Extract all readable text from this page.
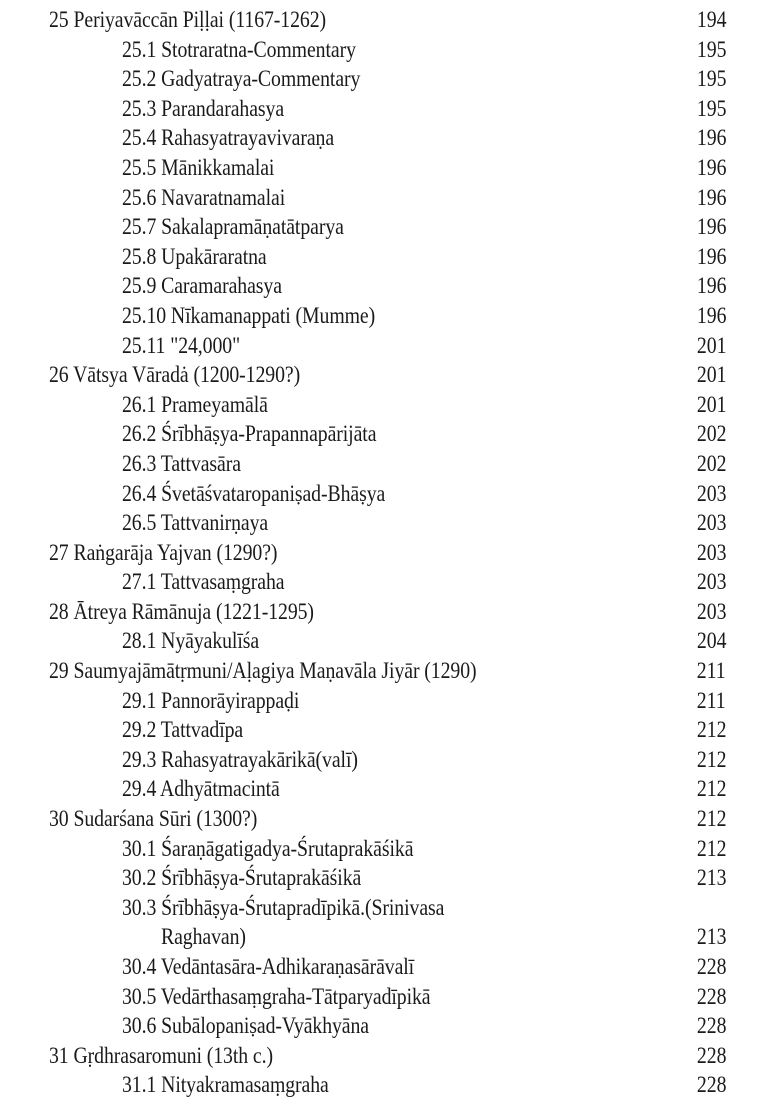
25 Periyavāccān Piḷḷai (1167-1262)	194
25.1 Stotraratna-Commentary	195
25.2 Gadyatraya-Commentary	195
25.3 Parandarahasya	195
25.4 Rahasyatrayavivaraṇa	196
25.5 Mānikkamalai	196
25.6 Navaratnamalai	196
25.7 Sakalapramāṇatātparya	196
25.8 Upakāraratna	196
25.9 Caramarahasya	196
25.10 Nīkamanappati (Mumme)	196
25.11 "24,000"	201
26 Vātsya Vāradȧ (1200-1290?)	201
26.1 Prameyamālā	201
26.2 Śrībhāṣya-Prapannapārijāta	202
26.3 Tattvasāra	202
26.4 Śvetāśvataropaniṣad-Bhāṣya	203
26.5 Tattvanirṇaya	203
27 Raṅgarāja Yajvan (1290?)	203
27.1 Tattvasaṃgraha	203
28 Ātreya Rāmānuja (1221-1295)	203
28.1 Nyāyakulīśa	204
29 Saumyajāmātṛmuni/Aḷagiya Maṇavāla Jiyār (1290)	211
29.1 Pannorāyirappaḍi	211
29.2 Tattvadīpa	212
29.3 Rahasyatrayakārikā(valī)	212
29.4 Adhyātmacintā	212
30 Sudarśana Sūri (1300?)	212
30.1 Śaraṇāgatigadya-Śrutaprakāśikā	212
30.2 Śrībhāṣya-Śrutaprakāśikā	213
30.3 Śrībhāṣya-Śrutapradīpikā.(Srinivasa
Raghavan)	213
30.4 Vedāntasāra-Adhikaraṇasārāvalī	228
30.5 Vedārthasaṃgraha-Tātparyadīpikā	228
30.6 Subālopaniṣad-Vyākhyāna	228
31 Gṛdhrasaromuni (13th c.)	228
31.1 Nityakramasaṃgraha	228
